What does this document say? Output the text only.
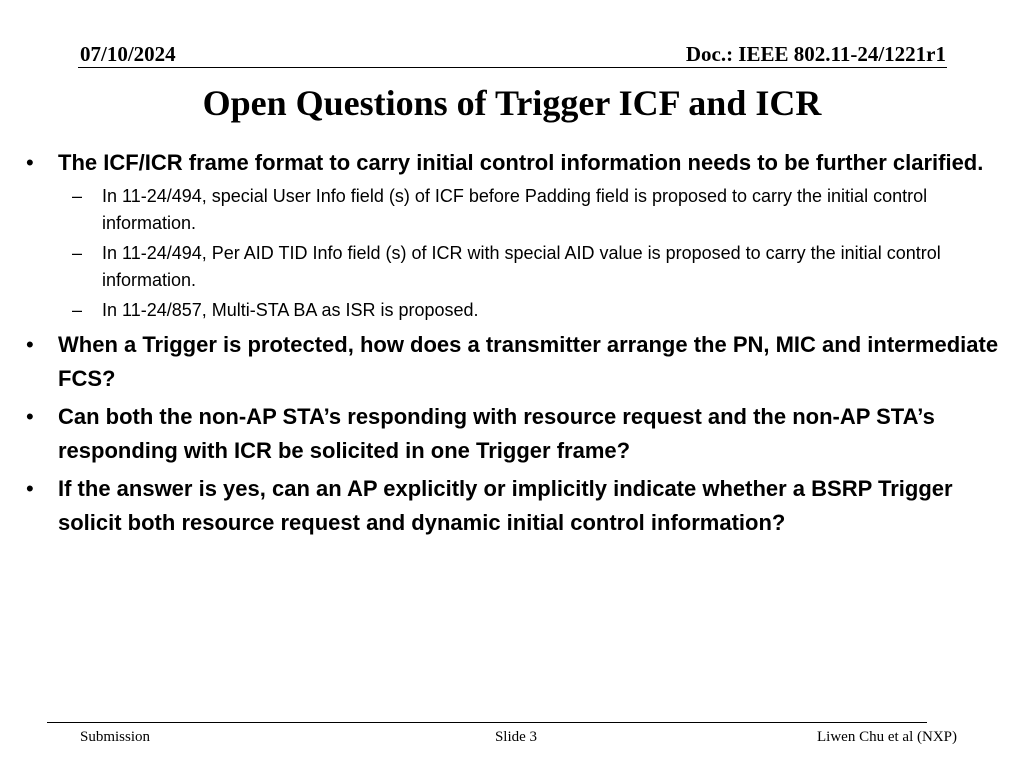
07/10/2024	Doc.: IEEE 802.11-24/1221r1
Open Questions of Trigger ICF and ICR
• The ICF/ICR frame format to carry initial control information needs to be further clarified.
– In 11-24/494, special User Info field (s) of ICF before Padding field is proposed to carry the initial control information.
– In 11-24/494, Per AID TID Info field (s) of ICR with special AID value is proposed to carry the initial control information.
– In 11-24/857, Multi-STA BA as ISR is proposed.
• When a Trigger is protected, how does a transmitter arrange the PN, MIC and intermediate FCS?
• Can both the non-AP STA’s responding with resource request and the non-AP STA’s responding with ICR be solicited in one Trigger frame?
• If the answer is yes, can an AP explicitly or implicitly indicate whether a BSRP Trigger solicit both resource request and dynamic initial control information?
Submission	Slide 3	Liwen Chu et al (NXP)
